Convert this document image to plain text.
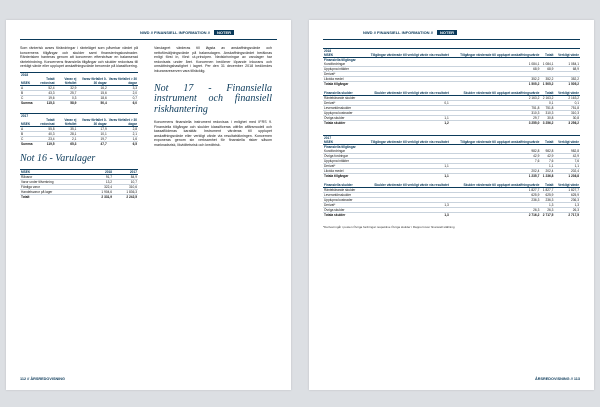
NWD // FINANSIELL INFORMATION // NOTER

Som ränterisk avses förändringar i ränteläget som påverkar värdet på koncernens tillgångar och skulder samt finansieringskostnader. Ränterisken hanteras genom att koncernen eftersträvar en balanserad räntebindning. Koncernens finansiella tillgångar och skulder redovisas till verkligt värde eller upplupet anskaffningsvärde beroende på klassificering.

2018				
MSEK	Totalt redovisat	Varav ej förfallet	Varav förfallet 0-30 dagar	Varav förfallet > 30 dagar
A	52,4	32,9	16,2	3,3
B	43,3	25,7	15,6	2,0
C	19,6	0,3	18,6	0,7
Summa	115,3	58,9	50,4	6,0
2017				
MSEK	Totalt redovisat	Varav ej förfallet	Varav förfallet 0-30 dagar	Varav förfallet > 30 dagar
A	55,8	35,1	17,9	2,8
B	40,3	28,1	10,1	2,1
C	23,4	2,1	19,7	1,6
Summa	119,5	65,3	47,7	6,5
Not 16 - Varulager
MSEK	2018	2017
Råvaror	91,7	84,9
Varor under tillverkning	13,2	10,7
Färdiga varor	322,4	310,6
Handelsvaror på lager	1 904,6	1 836,3
Totalt	2 331,9	2 242,5

Varulagret värderas till lägsta av anskaffningsvärde och nettoförsäljningsvärde på balansdagen. Anskaffningsvärdet beräknas enligt först in, först ut-principen. Nedskrivningar av varulager har redovisats under året. Koncernen bedömer löpande inkurans och omsättningshastighet i lagret. Per den 31 december 2018 bedömdes inkuransreserven vara tillräcklig.

Not 17 - Finansiella instrument och finansiell riskhantering

Koncernens finansiella instrument redovisas i enlighet med IFRS 9. Finansiella tillgångar och skulder klassificeras utifrån affärsmodell och kassaflödenas karaktär. Instrument värderas till upplupet anskaffningsvärde eller verkligt värde via resultaträkningen. Koncernen exponeras genom sin verksamhet för finansiella risker såsom marknadsrisk, likviditetsrisk och kreditrisk.

112 // ÅRSREDOVISNING
NWD // FINANSIELL INFORMATION // NOTER
2018				
MSEK	Tillgångar värderade till verkligt värde via resultatet	Tillgångar värderade till upplupet anskaffningsvärde	Totalt	Verkligt värde
Finansiella tillgångar				
Kundfordringar		1 084,1	1 084,1	1 084,1
Upplupna intäkter		68,9	68,9	68,9
Derivat*				
Likvida medel		352,2	352,2	352,2
Totala tillgångar		1 505,2	1 505,2	1 505,2

Finansiella skulder	Skulder värderade till verkligt värde via resultatet	Skulder värderade till upplupet anskaffningsvärde	Totalt	Verkligt värde
Räntebärande skulder		2 163,2	2 163,2	2 163,2
Derivat*	0,1		0,1	0,1
Leverantörsskulder		751,8	751,8	751,8
Upplupna kostnader		310,3	310,3	310,3
Övriga skulder	1,1	29,7	30,8	30,8
Totala skulder	1,2	3 255,0	3 256,2	3 256,2
2017				
MSEK	Tillgångar värderade till verkligt värde via resultatet	Tillgångar värderade till upplupet anskaffningsvärde	Totalt	Verkligt värde
Finansiella tillgångar				
Kundfordringar		982,8	982,8	982,8
Övriga fordringar		42,9	42,9	42,9
Upplupna intäkter		7,6	7,6	7,6
Derivat*	1,1		1,1	1,1
Likvida medel		202,4	202,4	202,4
Totala tillgångar	1,1	1 235,7	1 236,8	1 236,8

Finansiella skulder	Skulder värderade till verkligt värde via resultatet	Skulder värderade till upplupet anskaffningsvärde	Totalt	Verkligt värde
Räntebärande skulder		1 827,7	1 827,7	1 827,7
Leverantörsskulder		625,9	625,9	625,9
Upplupna kostnader		236,3	236,3	236,3
Derivat*	1,3		1,3	1,3
Övriga skulder		26,3	26,3	26,3
Totala skulder	1,3	2 716,2	2 717,5	2 717,5
*Derivat ingår i posten Övriga fordringar respektive Övriga skulder i Rapport över finansiell ställning
ÅRSREDOVISNING // 113
